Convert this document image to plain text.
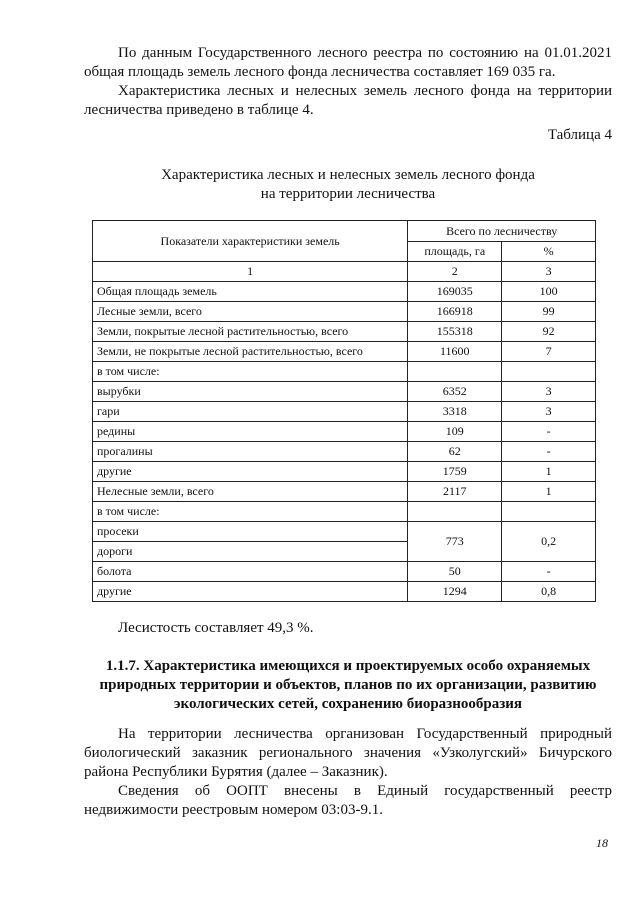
По данным Государственного лесного реестра по состоянию на 01.01.2021 общая площадь земель лесного фонда лесничества составляет 169 035 га.

Характеристика лесных и нелесных земель лесного фонда на территории лесничества приведено в таблице 4.

Таблица 4
Характеристика лесных и нелесных земель лесного фонда
на территории лесничества
Показатели характеристики земель	Всего по лесничеству	
	площадь, га	%
1	2	3
Общая площадь земель	169035	100
Лесные земли, всего	166918	99
Земли, покрытые лесной растительностью, всего	155318	92
Земли, не покрытые лесной растительностью, всего	11600	7
в том числе:		
вырубки	6352	3
гари	3318	3
редины	109	-
прогалины	62	-
другие	1759	1
Нелесные земли, всего	2117	1
в том числе:		
просеки	773	0,2
дороги		
болота	50	-
другие	1294	0,8
Лесистость составляет 49,3 %.
1.1.7. Характеристика имеющихся и проектируемых особо охраняемых природных территории и объектов, планов по их организации, развитию экологических сетей, сохранению биоразнообразия

На территории лесничества организован Государственный природный биологический заказник регионального значения «Узколугский» Бичурского района Республики Бурятия (далее – Заказник).

Сведения об ООПТ внесены в Единый государственный реестр недвижимости реестровым номером 03:03-9.1.

18
